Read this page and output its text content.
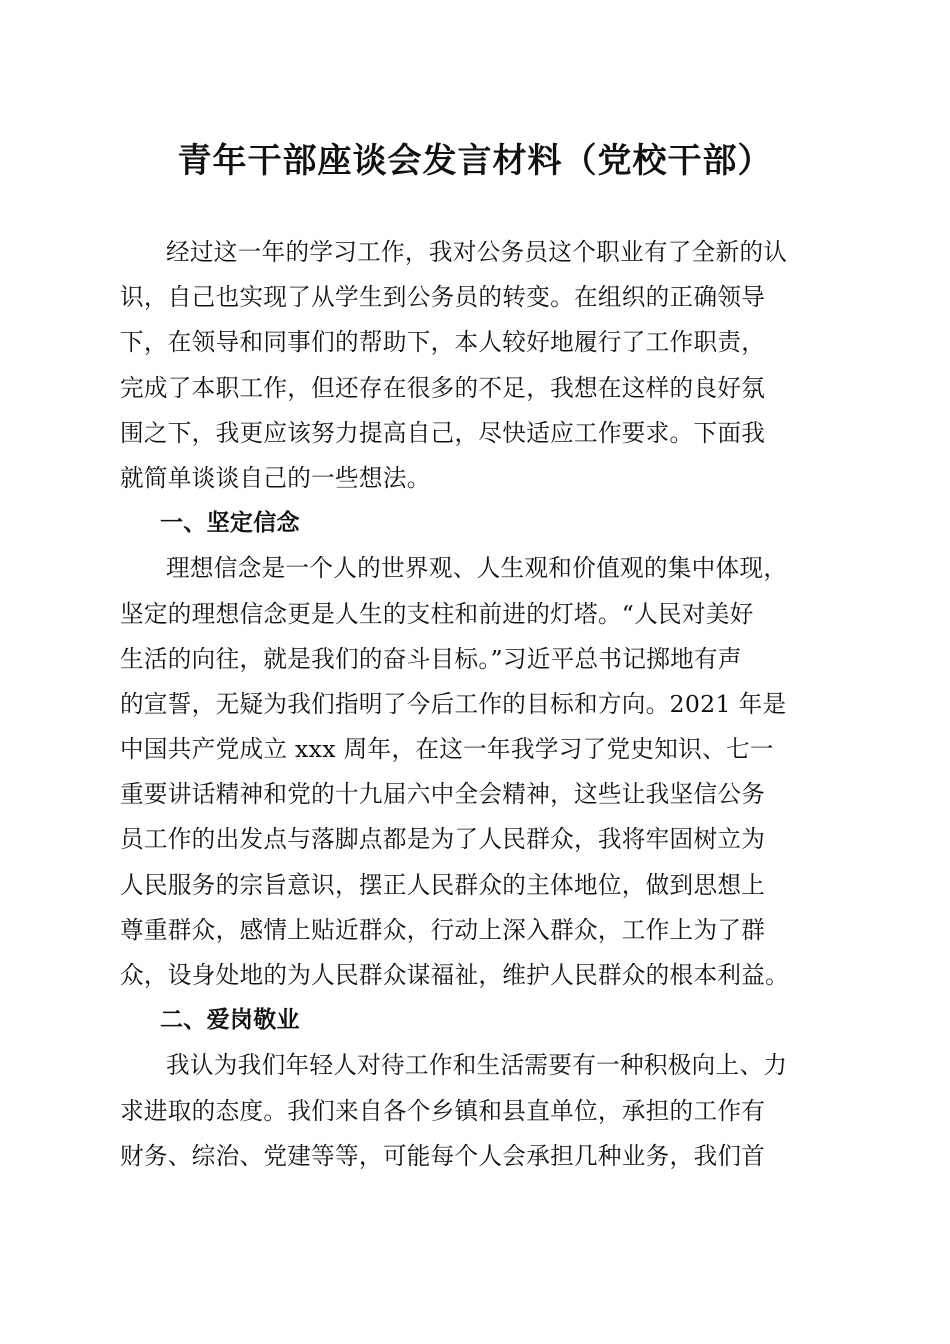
青年干部座谈会发言材料（党校干部）
经过这一年的学习工作，我对公务员这个职业有了全新的认
识，自己也实现了从学生到公务员的转变。在组织的正确领导
下，在领导和同事们的帮助下，本人较好地履行了工作职责，
完成了本职工作，但还存在很多的不足，我想在这样的良好氛
围之下，我更应该努力提高自己，尽快适应工作要求。下面我
就简单谈谈自己的一些想法。
一、坚定信念
理想信念是一个人的世界观、人生观和价值观的集中体现，
坚定的理想信念更是人生的支柱和前进的灯塔。“人民对美好
生活的向往，就是我们的奋斗目标。”习近平总书记掷地有声
的宣誓，无疑为我们指明了今后工作的目标和方向。2021 年是
中国共产党成立 xxx 周年，在这一年我学习了党史知识、七一
重要讲话精神和党的十九届六中全会精神，这些让我坚信公务
员工作的出发点与落脚点都是为了人民群众，我将牢固树立为
人民服务的宗旨意识，摆正人民群众的主体地位，做到思想上
尊重群众，感情上贴近群众，行动上深入群众，工作上为了群
众，设身处地的为人民群众谋福祉，维护人民群众的根本利益。
二、爱岗敬业
我认为我们年轻人对待工作和生活需要有一种积极向上、力
求进取的态度。我们来自各个乡镇和县直单位，承担的工作有
财务、综治、党建等等，可能每个人会承担几种业务，我们首
